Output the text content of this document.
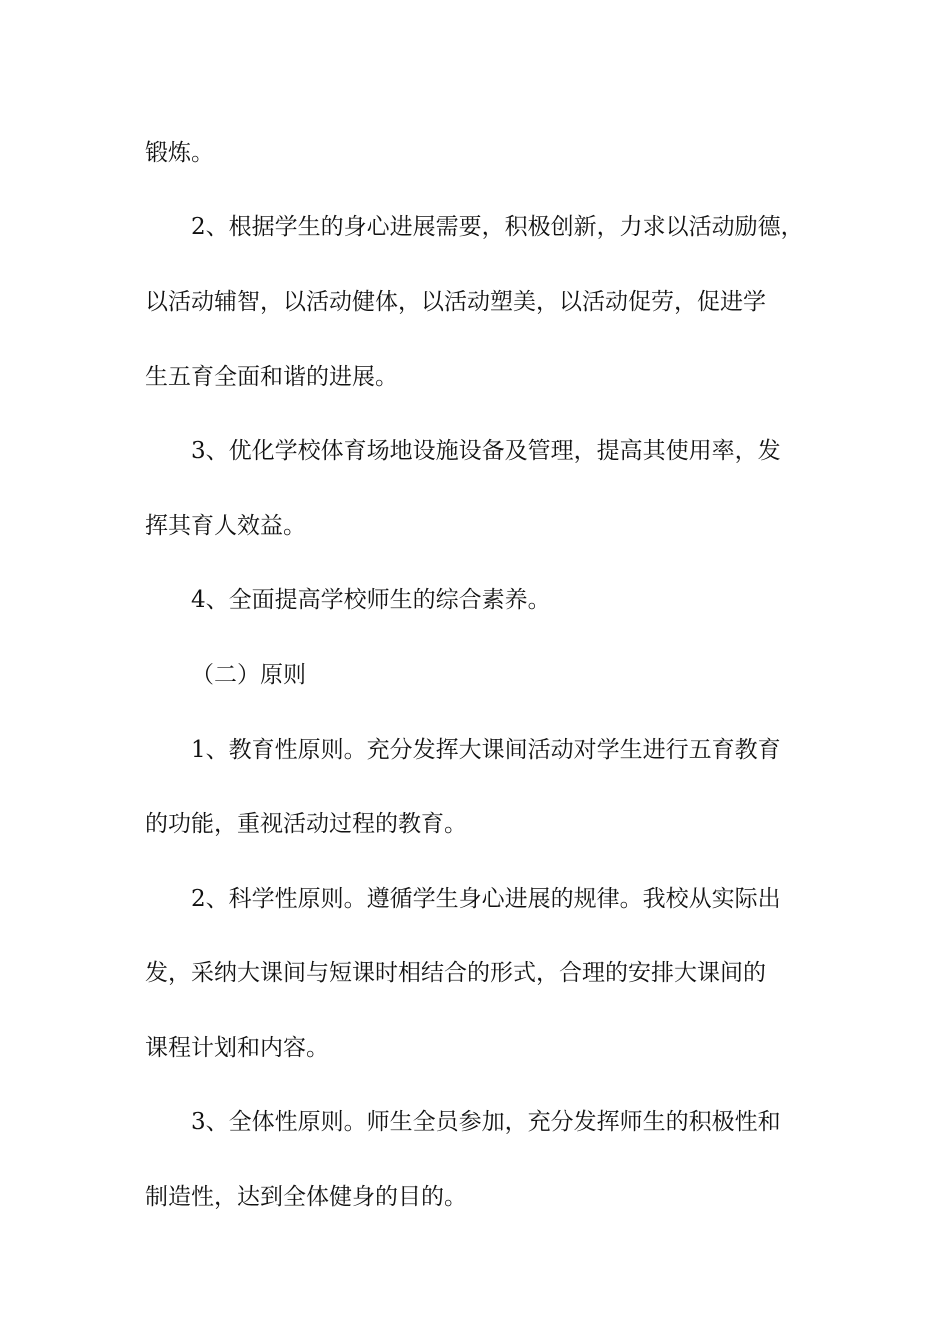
锻炼。

2、根据学生的身心进展需要，积极创新，力求以活动励德，

以活动辅智，以活动健体，以活动塑美，以活动促劳，促进学

生五育全面和谐的进展。

3、优化学校体育场地设施设备及管理，提高其使用率，发

挥其育人效益。

4、全面提高学校师生的综合素养。

（二）原则

1、教育性原则。充分发挥大课间活动对学生进行五育教育

的功能，重视活动过程的教育。

2、科学性原则。遵循学生身心进展的规律。我校从实际出

发，采纳大课间与短课时相结合的形式，合理的安排大课间的

课程计划和内容。

3、全体性原则。师生全员参加，充分发挥师生的积极性和

制造性，达到全体健身的目的。
